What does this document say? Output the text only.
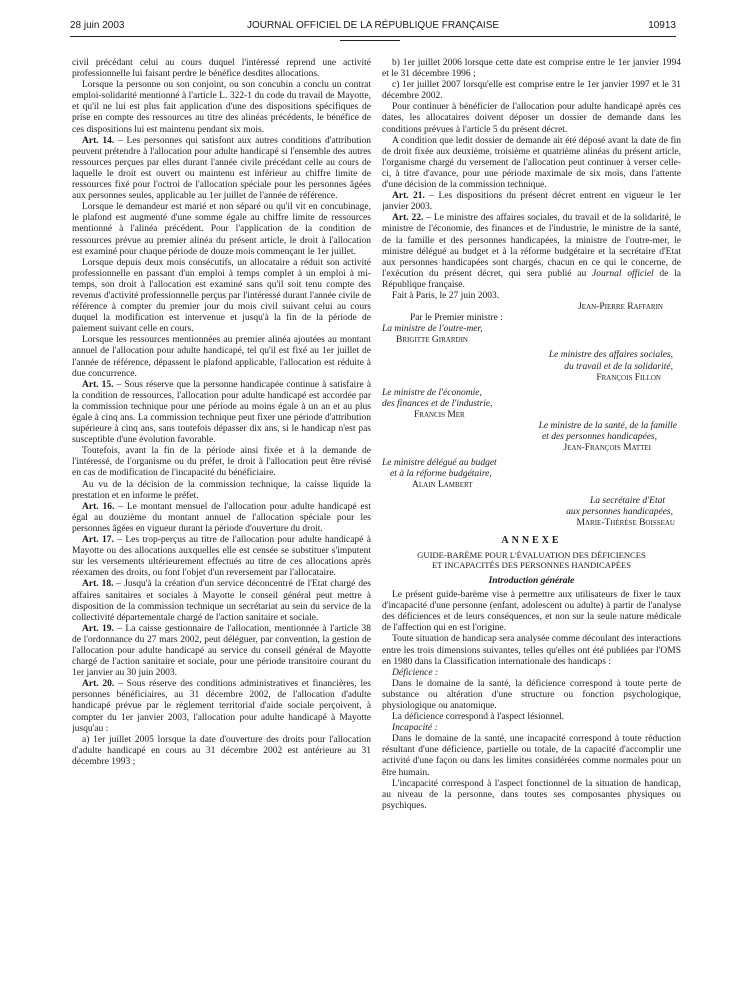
28 juin 2003	JOURNAL OFFICIEL DE LA RÉPUBLIQUE FRANÇAISE	10913

civil précédant celui au cours duquel l'intéressé reprend une activité professionnelle lui faisant perdre le bénéfice desdites allocations.

Lorsque la personne ou son conjoint, ou son concubin a conclu un contrat emploi-solidarité mentionné à l'article L. 322-1 du code du travail de Mayotte, et qu'il ne lui est plus fait application d'une des dispositions spécifiques de prise en compte des ressources au titre des alinéas précédents, le bénéfice de ces dispositions lui est maintenu pendant six mois.

Art. 14. – Les personnes qui satisfont aux autres conditions d'attribution peuvent prétendre à l'allocation pour adulte handicapé si l'ensemble des autres ressources perçues par elles durant l'année civile précédant celle au cours de laquelle le droit est ouvert ou maintenu est inférieur au chiffre limite de ressources fixé pour l'octroi de l'allocation spéciale pour les personnes âgées aux personnes seules, applicable au 1er juillet de l'année de référence.

Lorsque le demandeur est marié et non séparé ou qu'il vit en concubinage, le plafond est augmenté d'une somme égale au chiffre limite de ressources mentionné à l'alinéa précédent. Pour l'application de la condition de ressources prévue au premier alinéa du présent article, le droit à l'allocation est examiné pour chaque période de douze mois commençant le 1er juillet.

Lorsque depuis deux mois consécutifs, un allocataire a réduit son activité professionnelle en passant d'un emploi à temps complet à un emploi à mi-temps, son droit à l'allocation est examiné sans qu'il soit tenu compte des revenus d'activité professionnelle perçus par l'intéressé durant l'année civile de référence à compter du premier jour du mois civil suivant celui au cours duquel la modification est intervenue et jusqu'à la fin de la période de paiement suivant celle en cours.

Lorsque les ressources mentionnées au premier alinéa ajoutées au montant annuel de l'allocation pour adulte handicapé, tel qu'il est fixé au 1er juillet de l'année de référence, dépassent le plafond applicable, l'allocation est réduite à due concurrence.

Art. 15. – Sous réserve que la personne handicapée continue à satisfaire à la condition de ressources, l'allocation pour adulte handicapé est accordée par la commission technique pour une période au moins égale à un an et au plus égale à cinq ans. La commission technique peut fixer une période d'attribution supérieure à cinq ans, sans toutefois dépasser dix ans, si le handicap n'est pas susceptible d'une évolution favorable.

Toutefois, avant la fin de la période ainsi fixée et à la demande de l'intéressé, de l'organisme ou du préfet, le droit à l'allocation peut être révisé en cas de modification de l'incapacité du bénéficiaire.

Au vu de la décision de la commission technique, la caisse liquide la prestation et en informe le préfet.

Art. 16. – Le montant mensuel de l'allocation pour adulte handicapé est égal au douzième du montant annuel de l'allocation spéciale pour les personnes âgées en vigueur durant la période d'ouverture du droit.

Art. 17. – Les trop-perçus au titre de l'allocation pour adulte handicapé à Mayotte ou des allocations auxquelles elle est censée se substituer s'imputent sur les versements ultérieurement effectués au titre de ces allocations après réexamen des droits, ou font l'objet d'un reversement par l'allocataire.

Art. 18. – Jusqu'à la création d'un service déconcentré de l'Etat chargé des affaires sanitaires et sociales à Mayotte le conseil général peut mettre à disposition de la commission technique un secrétariat au sein du service de la collectivité départementale chargé de l'action sanitaire et sociale.

Art. 19. – La caisse gestionnaire de l'allocation, mentionnée à l'article 38 de l'ordonnance du 27 mars 2002, peut déléguer, par convention, la gestion de l'allocation pour adulte handicapé au service du conseil général de Mayotte chargé de l'action sanitaire et sociale, pour une période transitoire courant du 1er janvier au 30 juin 2003.

Art. 20. – Sous réserve des conditions administratives et financières, les personnes bénéficiaires, au 31 décembre 2002, de l'allocation d'adulte handicapé prévue par le règlement territorial d'aide sociale perçoivent, à compter du 1er janvier 2003, l'allocation pour adulte handicapé à Mayotte jusqu'au :

a) 1er juillet 2005 lorsque la date d'ouverture des droits pour l'allocation d'adulte handicapé en cours au 31 décembre 2002 est antérieure au 31 décembre 1993 ;

b) 1er juillet 2006 lorsque cette date est comprise entre le 1er janvier 1994 et le 31 décembre 1996 ;

c) 1er juillet 2007 lorsqu'elle est comprise entre le 1er janvier 1997 et le 31 décembre 2002.

Pour continuer à bénéficier de l'allocation pour adulte handicapé après ces dates, les allocataires doivent déposer un dossier de demande dans les conditions prévues à l'article 5 du présent décret.

A condition que ledit dossier de demande ait été déposé avant la date de fin de droit fixée aux deuxième, troisième et quatrième alinéas du présent article, l'organisme chargé du versement de l'allocation peut continuer à verser celle-ci, à titre d'avance, pour une période maximale de six mois, dans l'attente d'une décision de la commission technique.

Art. 21. – Les dispositions du présent décret entrent en vigueur le 1er janvier 2003.

Art. 22. – Le ministre des affaires sociales, du travail et de la solidarité, le ministre de l'économie, des finances et de l'industrie, le ministre de la santé, de la famille et des personnes handicapées, la ministre de l'outre-mer, le ministre délégué au budget et à la réforme budgétaire et la secrétaire d'Etat aux personnes handicapées sont chargés, chacun en ce qui le concerne, de l'exécution du présent décret, qui sera publié au Journal officiel de la République française.

Fait à Paris, le 27 juin 2003.

Jean-Pierre Raffarin
Par le Premier ministre :
La ministre de l'outre-mer,
Brigitte Girardin
Le ministre des affaires sociales,
du travail et de la solidarité,
François Fillon
Le ministre de l'économie,
des finances et de l'industrie,
Francis Mer
Le ministre de la santé, de la famille
et des personnes handicapées,
Jean-François Mattei
Le ministre délégué au budget
et à la réforme budgétaire,
Alain Lambert
La secrétaire d'Etat
aux personnes handicapées,
Marie-Thérèse Boisseau
ANNEXE
GUIDE-BARÈME POUR L'ÉVALUATION DES DÉFICIENCES
ET INCAPACITÉS DES PERSONNES HANDICAPÉES
Introduction générale

Le présent guide-barème vise à permettre aux utilisateurs de fixer le taux d'incapacité d'une personne (enfant, adolescent ou adulte) à partir de l'analyse des déficiences et de leurs conséquences, et non sur la seule nature médicale de l'affection qui en est l'origine.

Toute situation de handicap sera analysée comme découlant des interactions entre les trois dimensions suivantes, telles qu'elles ont été publiées par l'OMS en 1980 dans la Classification internationale des handicaps :

Déficience :

Dans le domaine de la santé, la déficience correspond à toute perte de substance ou altération d'une structure ou fonction psychologique, physiologique ou anatomique.

La déficience correspond à l'aspect lésionnel.

Incapacité :

Dans le domaine de la santé, une incapacité correspond à toute réduction résultant d'une déficience, partielle ou totale, de la capacité d'accomplir une activité d'une façon ou dans les limites considérées comme normales pour un être humain.

L'incapacité correspond à l'aspect fonctionnel de la situation de handicap, au niveau de la personne, dans toutes ses composantes physiques ou psychiques.
